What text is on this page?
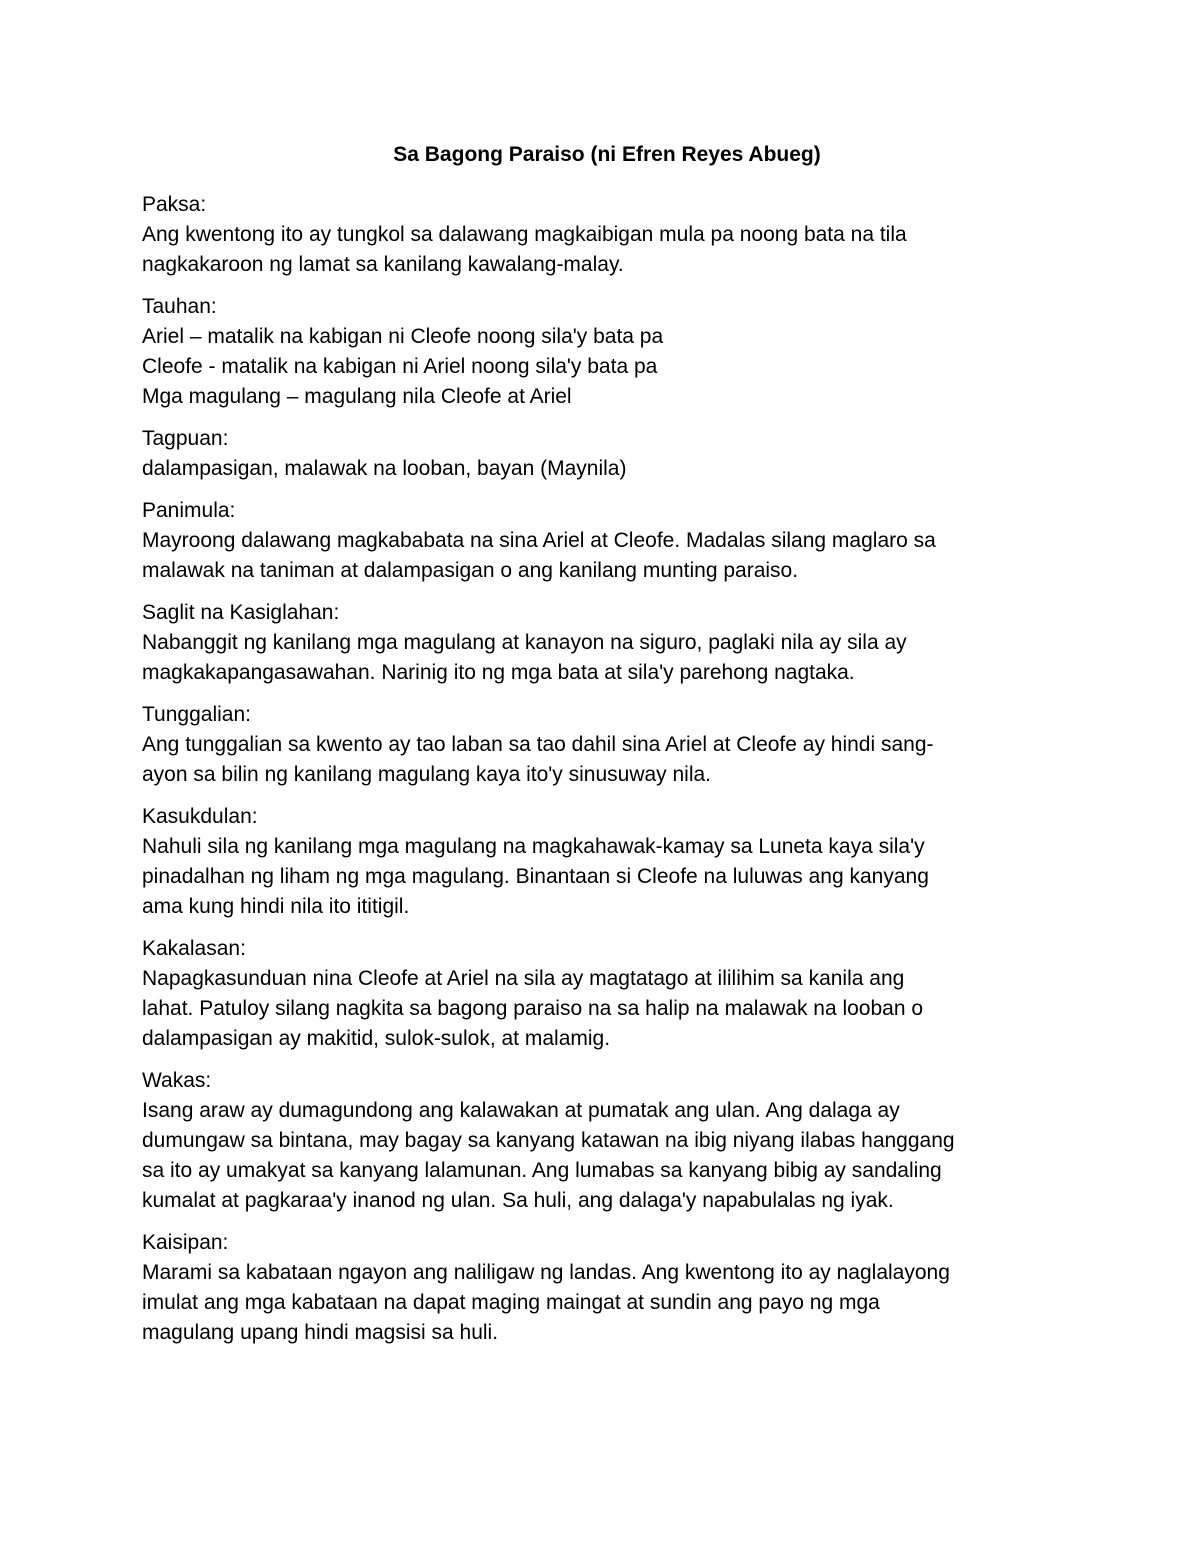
Sa Bagong Paraiso (ni Efren Reyes Abueg)
Paksa:
Ang kwentong ito ay tungkol sa dalawang magkaibigan mula pa noong bata na tila
nagkakaroon ng lamat sa kanilang kawalang-malay.
Tauhan:
Ariel – matalik na kabigan ni Cleofe noong sila'y bata pa
Cleofe - matalik na kabigan ni Ariel noong sila'y bata pa
Mga magulang – magulang nila Cleofe at Ariel
Tagpuan:
dalampasigan, malawak na looban, bayan (Maynila)
Panimula:
Mayroong dalawang magkababata na sina Ariel at Cleofe. Madalas silang maglaro sa
malawak na taniman at dalampasigan o ang kanilang munting paraiso.
Saglit na Kasiglahan:
Nabanggit ng kanilang mga magulang at kanayon na siguro, paglaki nila ay sila ay
magkakapangasawahan. Narinig ito ng mga bata at sila'y parehong nagtaka.
Tunggalian:
Ang tunggalian sa kwento ay tao laban sa tao dahil sina Ariel at Cleofe ay hindi sang-
ayon sa bilin ng kanilang magulang kaya ito'y sinusuway nila.
Kasukdulan:
Nahuli sila ng kanilang mga magulang na magkahawak-kamay sa Luneta kaya sila'y
pinadalhan ng liham ng mga magulang. Binantaan si Cleofe na luluwas ang kanyang
ama kung hindi nila ito ititigil.
Kakalasan:
Napagkasunduan nina Cleofe at Ariel na sila ay magtatago at ililihim sa kanila ang
lahat. Patuloy silang nagkita sa bagong paraiso na sa halip na malawak na looban o
dalampasigan ay makitid, sulok-sulok, at malamig.
Wakas:
Isang araw ay dumagundong ang kalawakan at pumatak ang ulan. Ang dalaga ay
dumungaw sa bintana, may bagay sa kanyang katawan na ibig niyang ilabas hanggang
sa ito ay umakyat sa kanyang lalamunan. Ang lumabas sa kanyang bibig ay sandaling
kumalat at pagkaraa'y inanod ng ulan. Sa huli, ang dalaga'y napabulalas ng iyak.
Kaisipan:
Marami sa kabataan ngayon ang naliligaw ng landas. Ang kwentong ito ay naglalayong
imulat ang mga kabataan na dapat maging maingat at sundin ang payo ng mga
magulang upang hindi magsisi sa huli.
